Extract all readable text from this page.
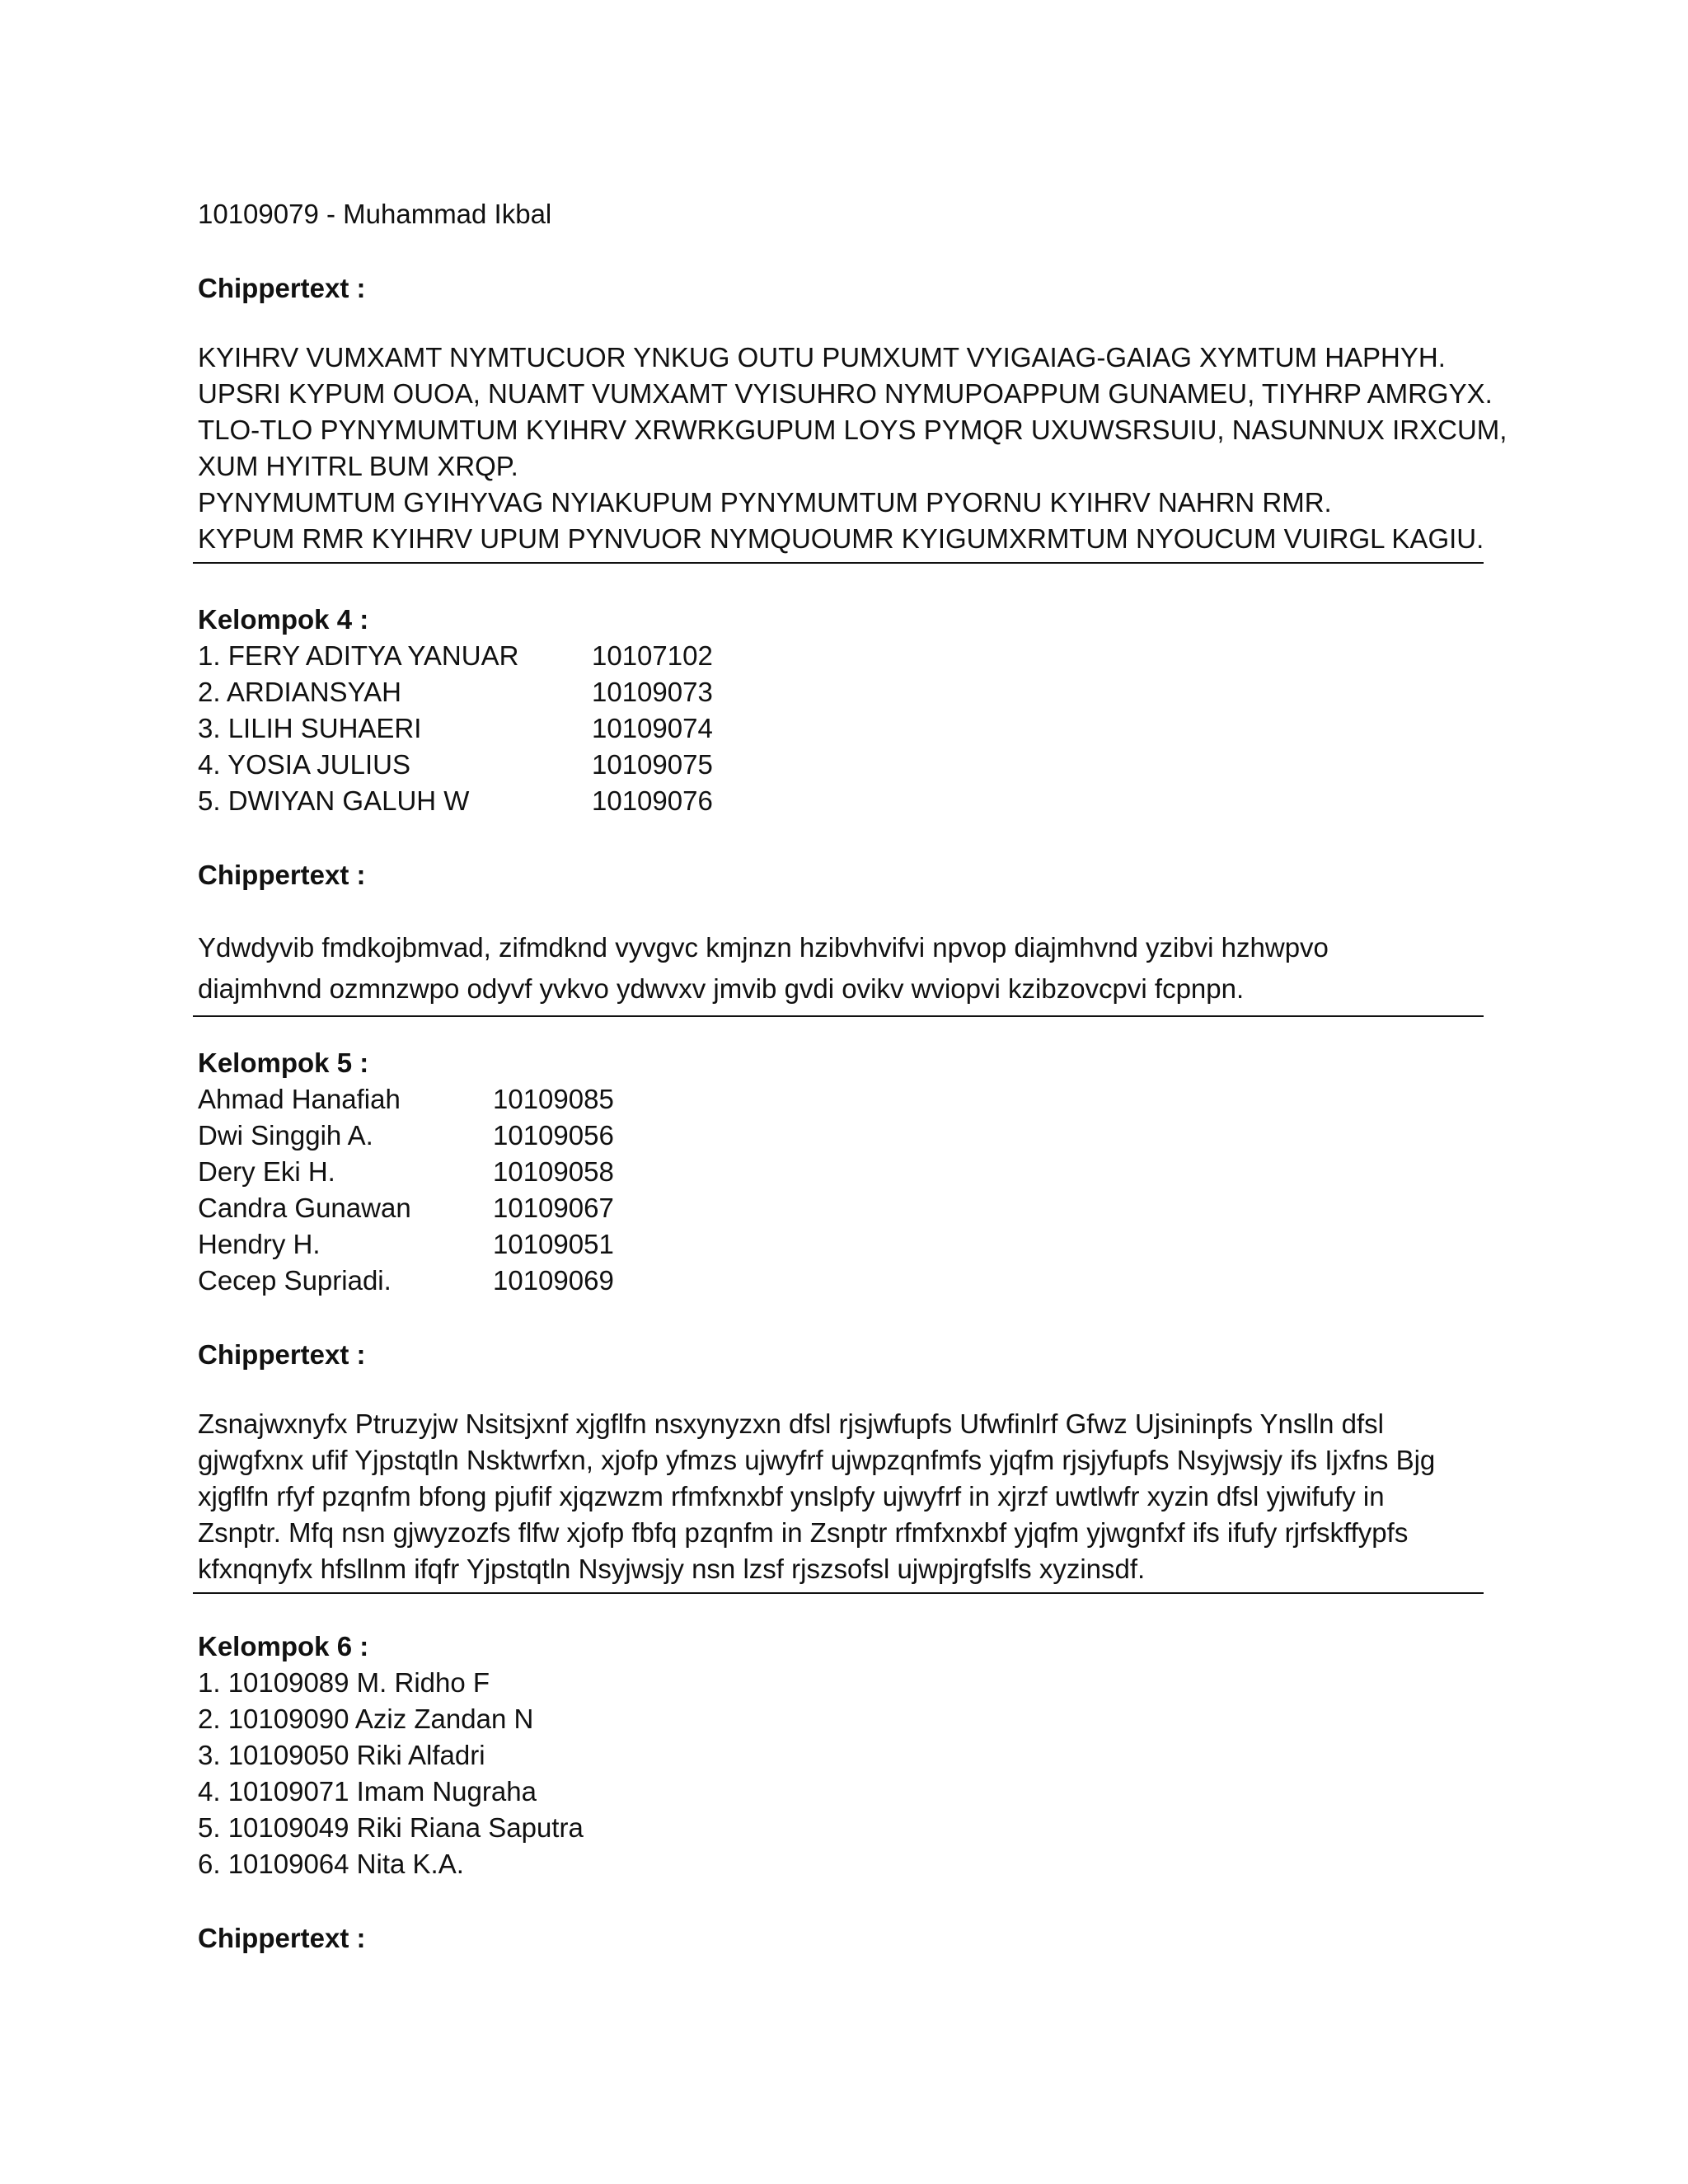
10109079 - Muhammad Ikbal
Chippertext :
KYIHRV VUMXAMT NYMTUCUOR YNKUG OUTU PUMXUMT VYIGAIAG-GAIAG XYMTUM HAPHYH.
UPSRI KYPUM OUOA, NUAMT VUMXAMT VYISUHRO NYMUPOAPPUM GUNAMEU, TIYHRP AMRGYX.
TLO-TLO PYNYMUMTUM KYIHRV XRWRKGUPUM LOYS PYMQR UXUWSRSUIU, NASUNNUX IRXCUM,
XUM HYITRL BUM XRQP.
PYNYMUMTUM GYIHYVAG NYIAKUPUM PYNYMUMTUM PYORNU KYIHRV NAHRN RMR.
KYPUM RMR KYIHRV UPUM PYNVUOR NYMQUOUMR KYIGUMXRMTUM NYOUCUM VUIRGL KAGIU.
Kelompok 4 :
1. FERY ADITYA YANUAR	10107102
2. ARDIANSYAH	10109073
3. LILIH SUHAERI	10109074
4. YOSIA JULIUS	10109075
5. DWIYAN GALUH W	10109076
Chippertext :
Ydwdyvib fmdkojbmvad, zifmdknd vyvgvc kmjnzn hzibvhvifvi npvop diajmhvnd yzibvi hzhwpvo
diajmhvnd ozmnzwpo odyvf yvkvo ydwvxv jmvib gvdi ovikv wviopvi kzibzovcpvi fcpnpn.
Kelompok 5 :
Ahmad Hanafiah	10109085
Dwi Singgih A.	10109056
Dery Eki H.	10109058
Candra Gunawan	10109067
Hendry H.	10109051
Cecep Supriadi.	10109069
Chippertext :
Zsnajwxnyfx Ptruzyjw Nsitsjxnf xjgflfn nsxynyzxn dfsl rjsjwfupfs Ufwfinlrf Gfwz Ujsininpfs Ynslln dfsl
gjwgfxnx ufif Yjpstqtln Nsktwrfxn, xjofp yfmzs ujwyfrf ujwpzqnfmfs yjqfm rjsjyfupfs Nsyjwsjy ifs Ijxfns Bjg
xjgflfn rfyf pzqnfm bfong pjufif xjqzwzm rfmfxnxbf ynslpfy ujwyfrf in xjrzf uwtlwfr xyzin dfsl yjwifufy in
Zsnptr. Mfq nsn gjwyzozfs flfw xjofp fbfq pzqnfm in Zsnptr rfmfxnxbf yjqfm yjwgnfxf ifs ifufy rjrfskffypfs
kfxnqnyfx hfsllnm ifqfr Yjpstqtln Nsyjwsjy nsn lzsf rjszsofsl ujwpjrgfslfs xyzinsdf.
Kelompok 6 :
1. 10109089 M. Ridho F
2. 10109090 Aziz Zandan N
3. 10109050 Riki Alfadri
4. 10109071 Imam Nugraha
5. 10109049 Riki Riana Saputra
6. 10109064 Nita K.A.
Chippertext :
